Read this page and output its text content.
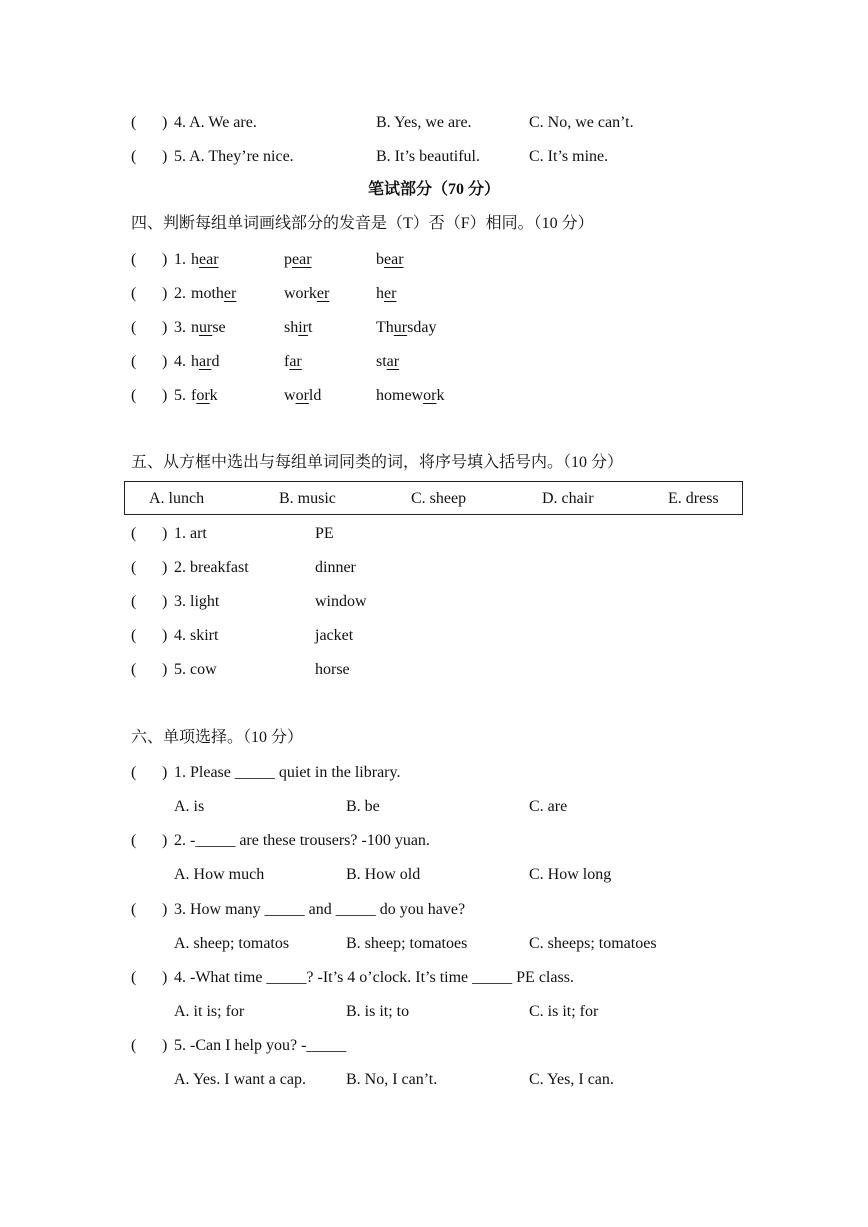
( ) 4. A. We are.	B. Yes, we are.	C. No, we can’t.
( ) 5. A. They’re nice.	B. It’s beautiful.	C. It’s mine.
笔试部分（70 分）
四、判断每组单词画线部分的发音是（T）否（F）相同。（10 分）
( ) 1. hear	pear	bear
( ) 2. mother	worker	her
( ) 3. nurse	shirt	Thursday
( ) 4. hard	far	star
( ) 5. fork	world	homework
五、从方框中选出与每组单词同类的词，将序号填入括号内。（10 分）
A. lunch	B. music	C. sheep	D. chair	E. dress
( ) 1. art	PE
( ) 2. breakfast	dinner
( ) 3. light	window
( ) 4. skirt	jacket
( ) 5. cow	horse
六、单项选择。（10 分）
( ) 1. Please _____ quiet in the library.
A. is	B. be	C. are
( ) 2. -_____ are these trousers? -100 yuan.
A. How much	B. How old	C. How long
( ) 3. How many _____ and _____ do you have?
A. sheep; tomatos	B. sheep; tomatoes	C. sheeps; tomatoes
( ) 4. -What time _____? -It’s 4 o’clock. It’s time _____ PE class.
A. it is; for	B. is it; to	C. is it; for
( ) 5. -Can I help you? -_____
A. Yes. I want a cap.	B. No, I can’t.	C. Yes, I can.
